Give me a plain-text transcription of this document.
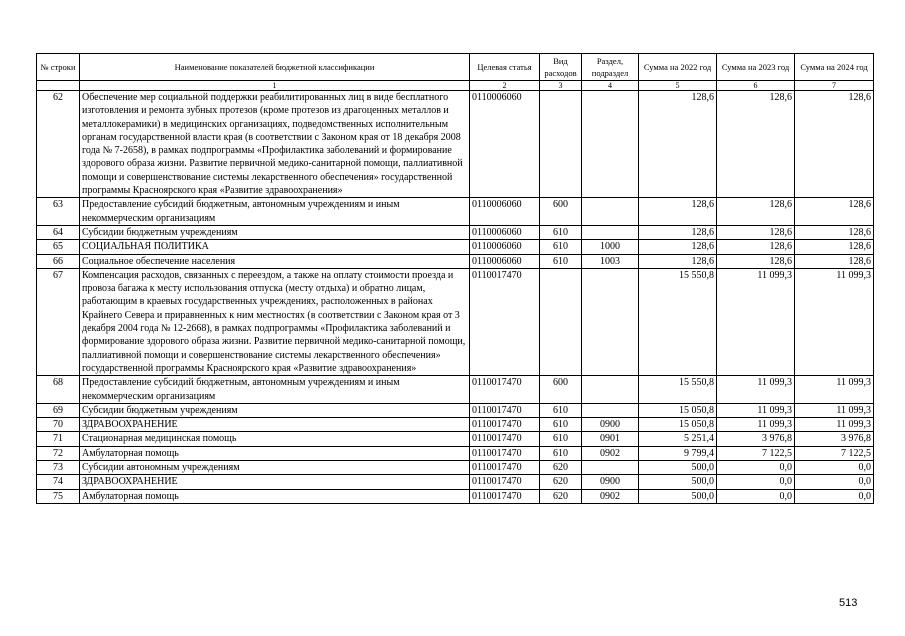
№ строки	Наименование показателей бюджетной классификации	Целевая статья	Вид расходов	Раздел, подраздел	Сумма на 2022 год	Сумма на 2023 год	Сумма на 2024 год
	1	2	3	4	5	6	7
62	Обеспечение мер социальной поддержки реабилитированных лиц в виде бесплатного изготовления и ремонта зубных протезов (кроме протезов из драгоценных металлов и металлокерамики) в медицинских организациях, подведомственных исполнительным органам государственной власти края (в соответствии с Законом края от 18 декабря 2008 года № 7-2658), в рамках подпрограммы «Профилактика заболеваний и формирование здорового образа жизни. Развитие первичной медико-санитарной помощи, паллиативной помощи и совершенствование системы лекарственного обеспечения» государственной программы Красноярского края «Развитие здравоохранения»	0110006060			128,6	128,6	128,6
63	Предоставление субсидий бюджетным, автономным учреждениям и иным некоммерческим организациям	0110006060	600		128,6	128,6	128,6
64	Субсидии бюджетным учреждениям	0110006060	610		128,6	128,6	128,6
65	СОЦИАЛЬНАЯ ПОЛИТИКА	0110006060	610	1000	128,6	128,6	128,6
66	Социальное обеспечение населения	0110006060	610	1003	128,6	128,6	128,6
67	Компенсация расходов, связанных с переездом, а также на оплату стоимости проезда и провоза багажа к месту использования отпуска (месту отдыха) и обратно лицам, работающим в краевых государственных учреждениях, расположенных в районах Крайнего Севера и приравненных к ним местностях (в соответствии с Законом края от 3 декабря 2004 года № 12-2668), в рамках подпрограммы «Профилактика заболеваний и формирование здорового образа жизни. Развитие первичной медико-санитарной помощи, паллиативной помощи и совершенствование системы лекарственного обеспечения» государственной программы Красноярского края «Развитие здравоохранения»	0110017470			15 550,8	11 099,3	11 099,3
68	Предоставление субсидий бюджетным, автономным учреждениям и иным некоммерческим организациям	0110017470	600		15 550,8	11 099,3	11 099,3
69	Субсидии бюджетным учреждениям	0110017470	610		15 050,8	11 099,3	11 099,3
70	ЗДРАВООХРАНЕНИЕ	0110017470	610	0900	15 050,8	11 099,3	11 099,3
71	Стационарная медицинская помощь	0110017470	610	0901	5 251,4	3 976,8	3 976,8
72	Амбулаторная помощь	0110017470	610	0902	9 799,4	7 122,5	7 122,5
73	Субсидии автономным учреждениям	0110017470	620		500,0	0,0	0,0
74	ЗДРАВООХРАНЕНИЕ	0110017470	620	0900	500,0	0,0	0,0
75	Амбулаторная помощь	0110017470	620	0902	500,0	0,0	0,0
513
